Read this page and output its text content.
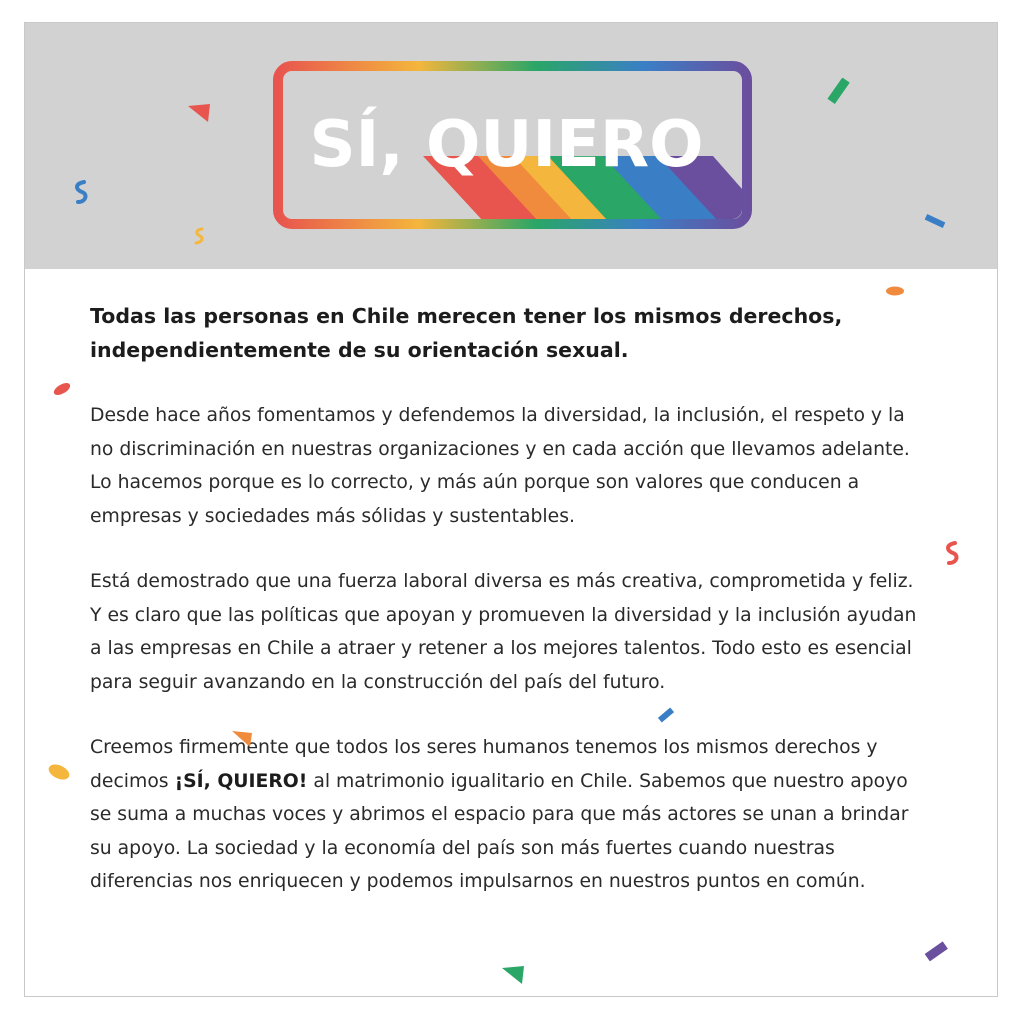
SÍ, QUIERO

Todas las personas en Chile merecen tener los mismos derechos, independientemente de su orientación sexual.

Desde hace años fomentamos y defendemos la diversidad, la inclusión, el respeto y la no discriminación en nuestras organizaciones y en cada acción que llevamos adelante. Lo hacemos porque es lo correcto, y más aún porque son valores que conducen a empresas y sociedades más sólidas y sustentables.

Está demostrado que una fuerza laboral diversa es más creativa, comprometida y feliz. Y es claro que las políticas que apoyan y promueven la diversidad y la inclusión ayudan a las empresas en Chile a atraer y retener a los mejores talentos. Todo esto es esencial para seguir avanzando en la construcción del país del futuro.

Creemos firmemente que todos los seres humanos tenemos los mismos derechos y decimos ¡SÍ, QUIERO! al matrimonio igualitario en Chile. Sabemos que nuestro apoyo se suma a muchas voces y abrimos el espacio para que más actores se unan a brindar su apoyo. La sociedad y la economía del país son más fuertes cuando nuestras diferencias nos enriquecen y podemos impulsarnos en nuestros puntos en común.
